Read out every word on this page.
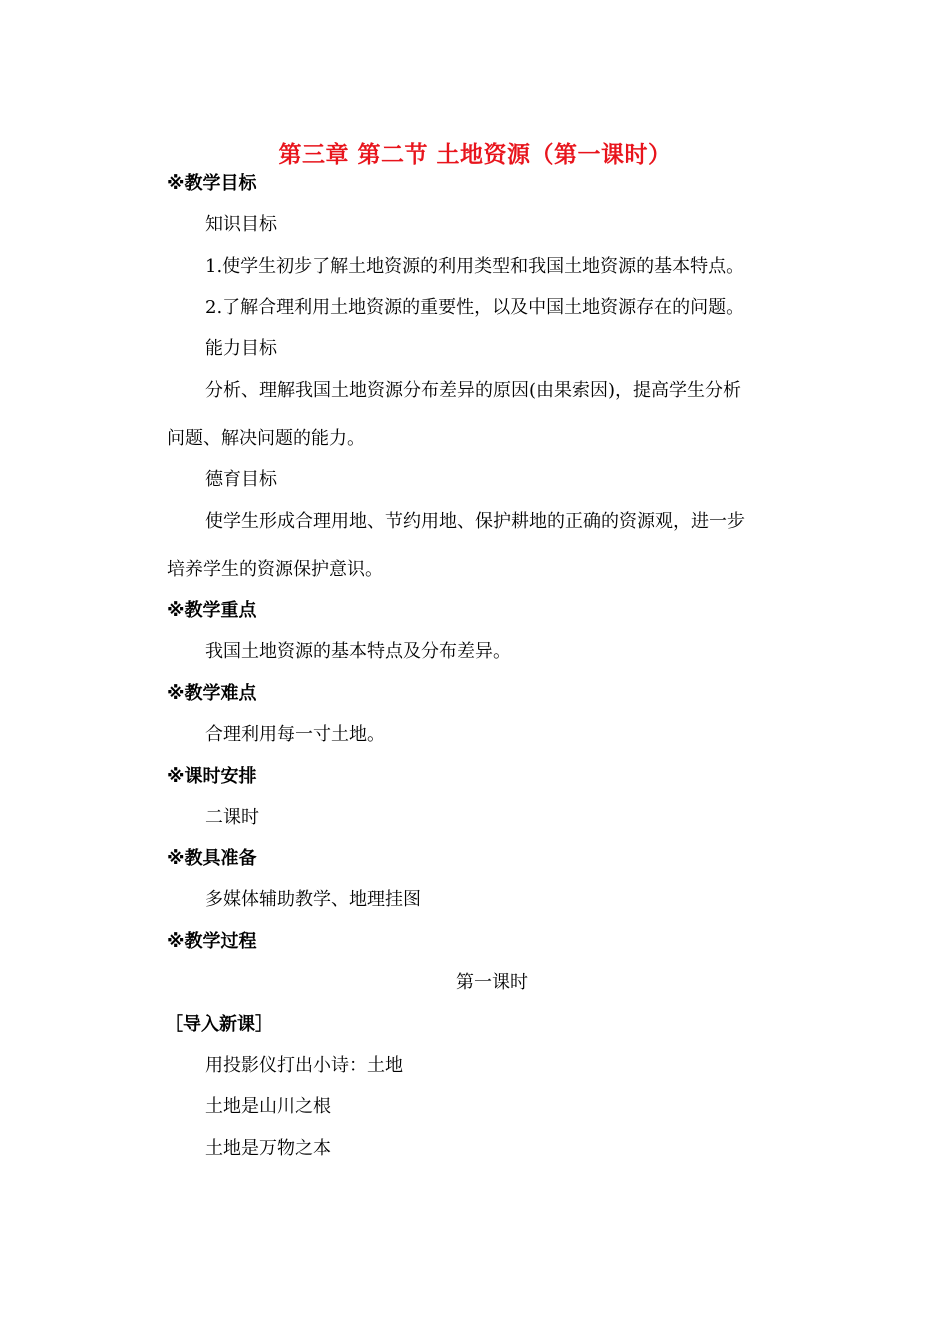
第三章 第二节 土地资源（第一课时）
※教学目标
知识目标
1.使学生初步了解土地资源的利用类型和我国土地资源的基本特点。
2.了解合理利用土地资源的重要性，以及中国土地资源存在的问题。
能力目标
分析、理解我国土地资源分布差异的原因(由果索因)，提高学生分析
问题、解决问题的能力。
德育目标
使学生形成合理用地、节约用地、保护耕地的正确的资源观，进一步
培养学生的资源保护意识。
※教学重点
我国土地资源的基本特点及分布差异。
※教学难点
合理利用每一寸土地。
※课时安排
二课时
※教具准备
多媒体辅助教学、地理挂图
※教学过程
第一课时
［导入新课］
用投影仪打出小诗：土地
土地是山川之根
土地是万物之本
